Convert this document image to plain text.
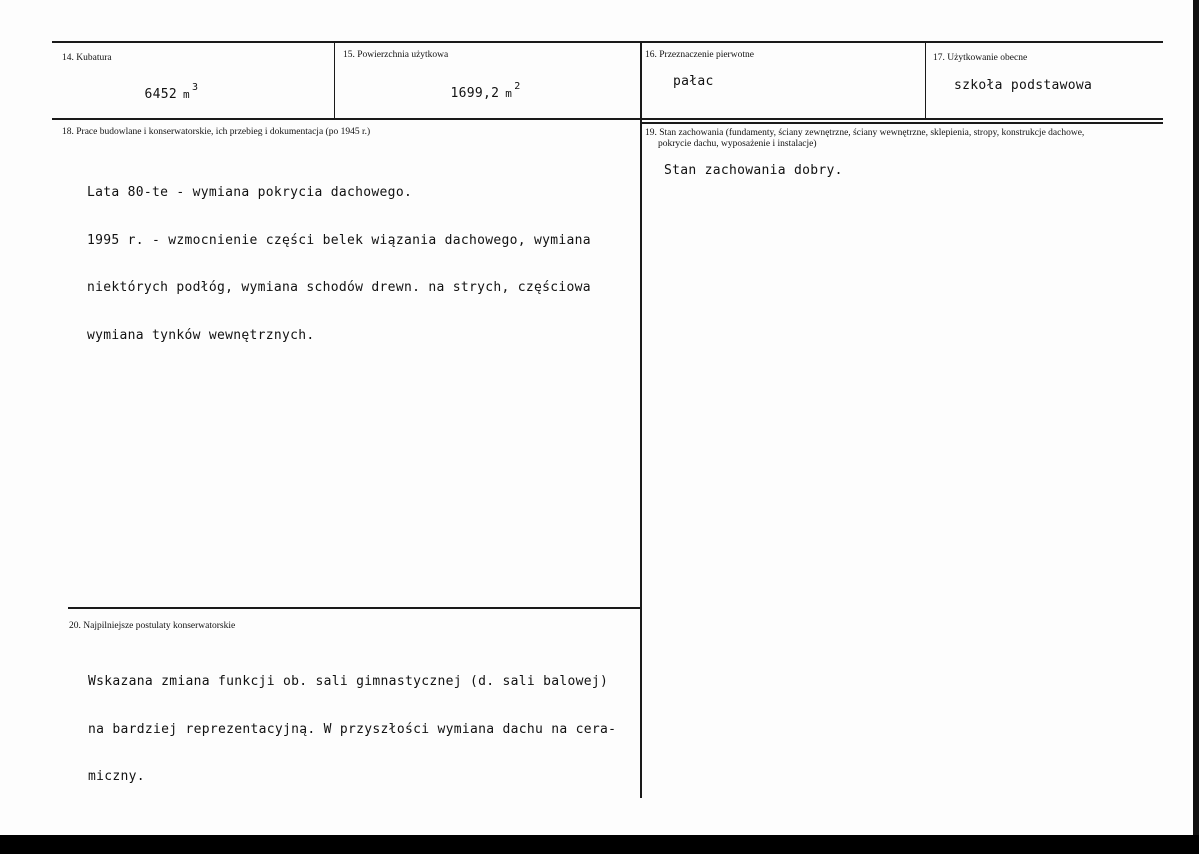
14. Kubatura

6452 $m^3$

15. Powierzchnia użytkowa

1699,2 $m^2$

16. Przeznaczenie pierwotne
pałac
17. Użytkowanie obecne
szkoła podstawowa
18. Prace budowlane i konserwatorskie, ich przebieg i dokumentacja (po 1945 r.)

Lata 80-te - wymiana pokrycia dachowego.

1995 r. - wzmocnienie części belek wiązania dachowego, wymiana

niektórych podłóg, wymiana schodów drewn. na strych, częściowa

wymiana tynków wewnętrznych.

19. Stan zachowania (fundamenty, ściany zewnętrzne, ściany wewnętrzne, sklepienia, stropy, konstrukcje dachowe,
pokrycie dachu, wyposażenie i instalacje)
Stan zachowania dobry.
20. Najpilniejsze postulaty konserwatorskie

Wskazana zmiana funkcji ob. sali gimnastycznej (d. sali balowej)

na bardziej reprezentacyjną. W przyszłości wymiana dachu na cera-

miczny.
